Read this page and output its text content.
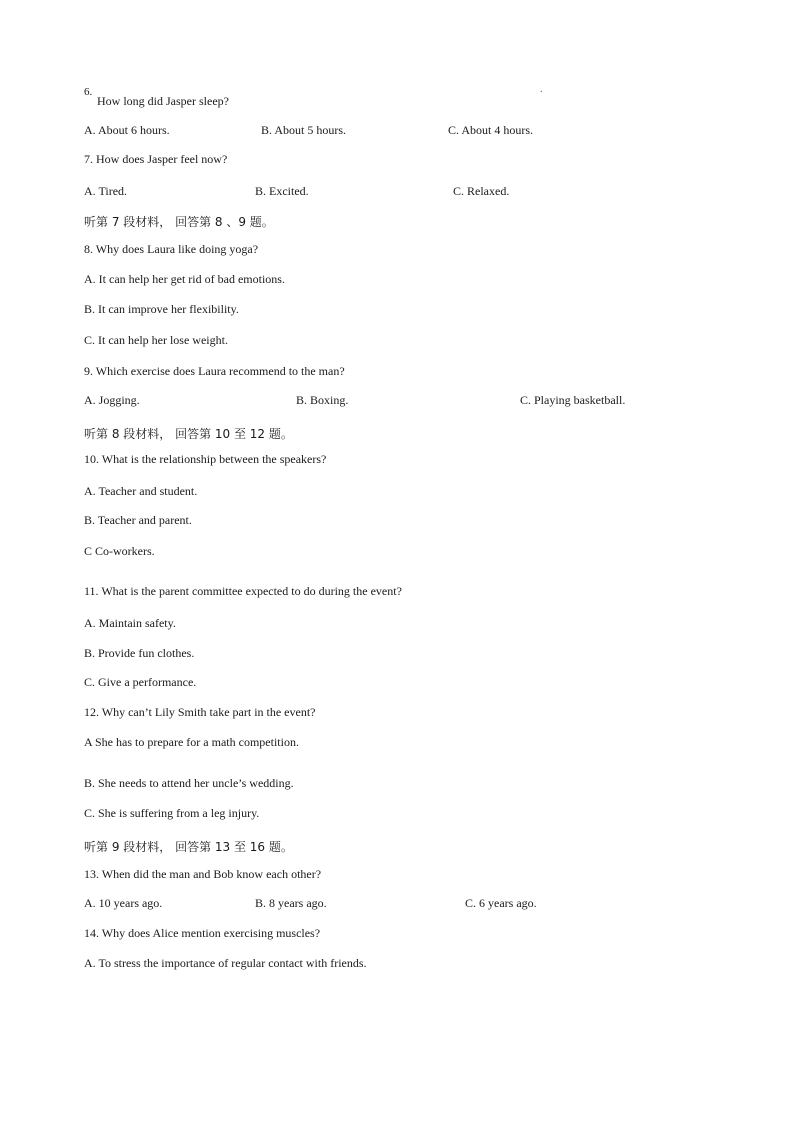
6.
How long did Jasper sleep?
.
A. About 6 hours.	B. About 5 hours.	C. About 4 hours.
7. How does Jasper feel now?
A. Tired.	B. Excited.	C. Relaxed.
听第 7 段材料， 回答第 8 、9 题。
8. Why does Laura like doing yoga?
A. It can help her get rid of bad emotions.
B. It can improve her flexibility.
C. It can help her lose weight.
9. Which exercise does Laura recommend to the man?
A. Jogging.	B. Boxing.	C. Playing basketball.
听第 8 段材料， 回答第 10 至 12 题。
10. What is the relationship between the speakers?
A. Teacher and student.
B. Teacher and parent.
C Co-workers.
11. What is the parent committee expected to do during the event?
A. Maintain safety.
B. Provide fun clothes.
C. Give a performance.
12. Why can’t Lily Smith take part in the event?
A She has to prepare for a math competition.
B. She needs to attend her uncle’s wedding.
C. She is suffering from a leg injury.
听第 9 段材料， 回答第 13 至 16 题。
13. When did the man and Bob know each other?
A. 10 years ago.	B. 8 years ago.	C. 6 years ago.
14. Why does Alice mention exercising muscles?
A. To stress the importance of regular contact with friends.
